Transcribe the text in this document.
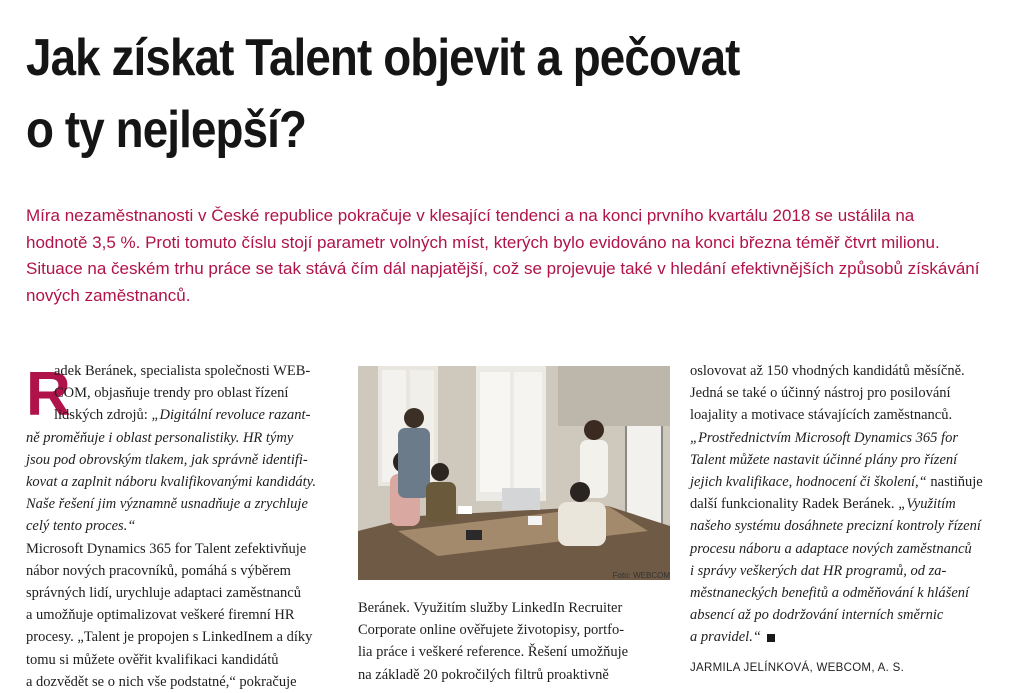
Jak získat Talent objevit a pečovat
o ty nejlepší?
Míra nezaměstnanosti v České republice pokračuje v klesající tendenci a na konci prvního kvartálu 2018 se ustálila na
hodnotě 3,5 %. Proti tomuto číslu stojí parametr volných míst, kterých bylo evidováno na konci března téměř čtvrt milionu.
Situace na českém trhu práce se tak stává čím dál napjatější, což se projevuje také v hledání efektivnějších způsobů získávání
nových zaměstnanců.
R
adek Beránek, specialista společnosti WEB-
COM, objasňuje trendy pro oblast řízení
lidských zdrojů: „Digitální revoluce razant-
ně proměňuje i oblast personalistiky. HR týmy
jsou pod obrovským tlakem, jak správně identifi-
kovat a zaplnit náboru kvalifikovanými kandidáty.
Naše řešení jim významně usnadňuje a zrychluje
celý tento proces.“
Microsoft Dynamics 365 for Talent zefektivňuje
nábor nových pracovníků, pomáhá s výběrem
správných lidí, urychluje adaptaci zaměstnanců
a umožňuje optimalizovat veškeré firemní HR
procesy. „Talent je propojen s LinkedInem a díky
tomu si můžete ověřit kvalifikaci kandidátů
a dozvědět se o nich vše podstatné,“ pokračuje
Foto: WEBCOM
Beránek. Využitím služby LinkedIn Recruiter
Corporate online ověřujete životopisy, portfo-
lia práce i veškeré reference. Řešení umožňuje
na základě 20 pokročilých filtrů proaktivně
oslovovat až 150 vhodných kandidátů měsíčně.
Jedná se také o účinný nástroj pro posilování
loajality a motivace stávajících zaměstnanců.
„Prostřednictvím Microsoft Dynamics 365 for
Talent můžete nastavit účinné plány pro řízení
jejich kvalifikace, hodnocení či školení,“ nastiňuje
další funkcionality Radek Beránek. „Využitím
našeho systému dosáhnete precizní kontroly řízení
procesu náboru a adaptace nových zaměstnanců
i správy veškerých dat HR programů, od za-
městnaneckých benefitů a odměňování k hlášení
absencí až po dodržování interních směrnic
a pravidel.“
JARMILA JELÍNKOVÁ, WEBCOM, A. S.
